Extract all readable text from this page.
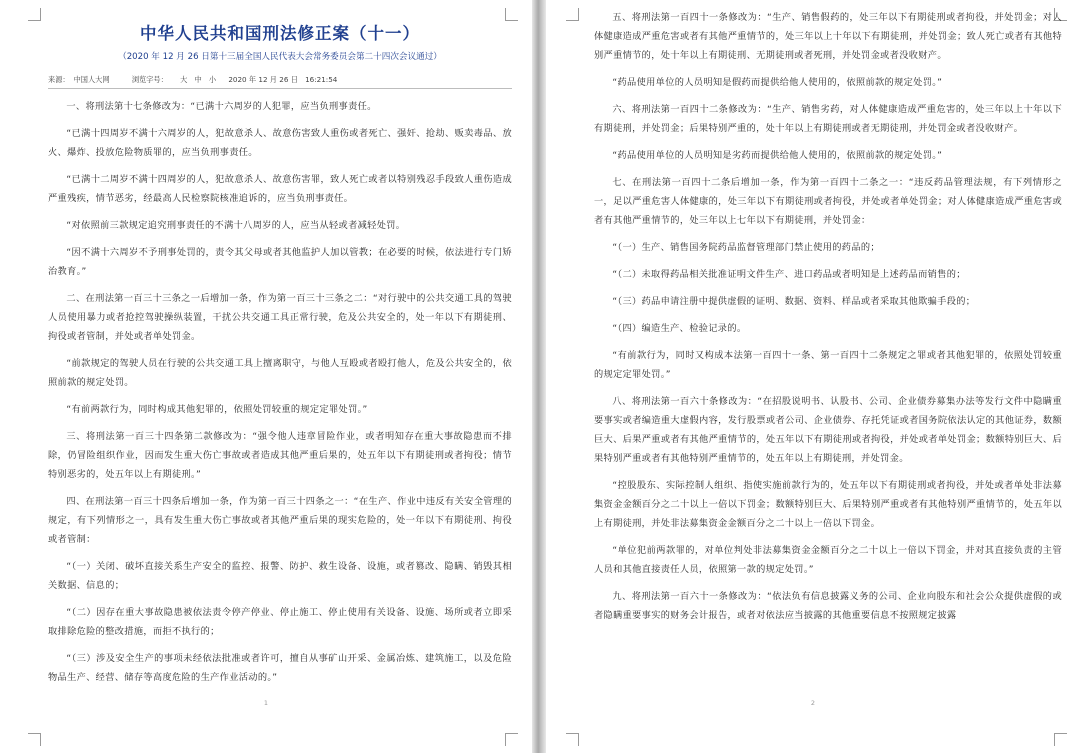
中华人民共和国刑法修正案（十一）

（2020 年 12 月 26 日第十三届全国人民代表大会常务委员会第二十四次会议通过）

来源： 中国人大网	浏览字号： 大　中　小 2020 年 12 月 26 日　16:21:54

一、将刑法第十七条修改为：“已满十六周岁的人犯罪，应当负刑事责任。

“已满十四周岁不满十六周岁的人，犯故意杀人、故意伤害致人重伤或者死亡、强奸、抢劫、贩卖毒品、放火、爆炸、投放危险物质罪的，应当负刑事责任。

“已满十二周岁不满十四周岁的人，犯故意杀人、故意伤害罪，致人死亡或者以特别残忍手段致人重伤造成严重残疾，情节恶劣，经最高人民检察院核准追诉的，应当负刑事责任。

“对依照前三款规定追究刑事责任的不满十八周岁的人，应当从轻或者减轻处罚。

“因不满十六周岁不予刑事处罚的，责令其父母或者其他监护人加以管教；在必要的时候，依法进行专门矫治教育。”

二、在刑法第一百三十三条之一后增加一条，作为第一百三十三条之二：“对行驶中的公共交通工具的驾驶人员使用暴力或者抢控驾驶操纵装置，干扰公共交通工具正常行驶，危及公共安全的，处一年以下有期徒刑、拘役或者管制，并处或者单处罚金。

“前款规定的驾驶人员在行驶的公共交通工具上擅离职守，与他人互殴或者殴打他人，危及公共安全的，依照前款的规定处罚。

“有前两款行为，同时构成其他犯罪的，依照处罚较重的规定定罪处罚。”

三、将刑法第一百三十四条第二款修改为：“强令他人违章冒险作业，或者明知存在重大事故隐患而不排除，仍冒险组织作业，因而发生重大伤亡事故或者造成其他严重后果的，处五年以下有期徒刑或者拘役；情节特别恶劣的，处五年以上有期徒刑。”

四、在刑法第一百三十四条后增加一条，作为第一百三十四条之一：“在生产、作业中违反有关安全管理的规定，有下列情形之一，具有发生重大伤亡事故或者其他严重后果的现实危险的，处一年以下有期徒刑、拘役或者管制：

“（一）关闭、破坏直接关系生产安全的监控、报警、防护、救生设备、设施，或者篡改、隐瞒、销毁其相关数据、信息的；

“（二）因存在重大事故隐患被依法责令停产停业、停止施工、停止使用有关设备、设施、场所或者立即采取排除危险的整改措施，而拒不执行的；

“（三）涉及安全生产的事项未经依法批准或者许可，擅自从事矿山开采、金属冶炼、建筑施工，以及危险物品生产、经营、储存等高度危险的生产作业活动的。”

1

五、将刑法第一百四十一条修改为：“生产、销售假药的，处三年以下有期徒刑或者拘役，并处罚金；对人体健康造成严重危害或者有其他严重情节的，处三年以上十年以下有期徒刑，并处罚金；致人死亡或者有其他特别严重情节的，处十年以上有期徒刑、无期徒刑或者死刑，并处罚金或者没收财产。

“药品使用单位的人员明知是假药而提供给他人使用的，依照前款的规定处罚。”

六、将刑法第一百四十二条修改为：“生产、销售劣药，对人体健康造成严重危害的，处三年以上十年以下有期徒刑，并处罚金；后果特别严重的，处十年以上有期徒刑或者无期徒刑，并处罚金或者没收财产。

“药品使用单位的人员明知是劣药而提供给他人使用的，依照前款的规定处罚。”

七、在刑法第一百四十二条后增加一条，作为第一百四十二条之一：“违反药品管理法规，有下列情形之一，足以严重危害人体健康的，处三年以下有期徒刑或者拘役，并处或者单处罚金；对人体健康造成严重危害或者有其他严重情节的，处三年以上七年以下有期徒刑，并处罚金：

“（一）生产、销售国务院药品监督管理部门禁止使用的药品的；

“（二）未取得药品相关批准证明文件生产、进口药品或者明知是上述药品而销售的；

“（三）药品申请注册中提供虚假的证明、数据、资料、样品或者采取其他欺骗手段的；

“（四）编造生产、检验记录的。

“有前款行为，同时又构成本法第一百四十一条、第一百四十二条规定之罪或者其他犯罪的，依照处罚较重的规定定罪处罚。”

八、将刑法第一百六十条修改为：“在招股说明书、认股书、公司、企业债券募集办法等发行文件中隐瞒重要事实或者编造重大虚假内容，发行股票或者公司、企业债券、存托凭证或者国务院依法认定的其他证券，数额巨大、后果严重或者有其他严重情节的，处五年以下有期徒刑或者拘役，并处或者单处罚金；数额特别巨大、后果特别严重或者有其他特别严重情节的，处五年以上有期徒刑，并处罚金。

“控股股东、实际控制人组织、指使实施前款行为的，处五年以下有期徒刑或者拘役，并处或者单处非法募集资金金额百分之二十以上一倍以下罚金；数额特别巨大、后果特别严重或者有其他特别严重情节的，处五年以上有期徒刑，并处非法募集资金金额百分之二十以上一倍以下罚金。

“单位犯前两款罪的，对单位判处非法募集资金金额百分之二十以上一倍以下罚金，并对其直接负责的主管人员和其他直接责任人员，依照第一款的规定处罚。”

九、将刑法第一百六十一条修改为：“依法负有信息披露义务的公司、企业向股东和社会公众提供虚假的或者隐瞒重要事实的财务会计报告，或者对依法应当披露的其他重要信息不按照规定披露

2
